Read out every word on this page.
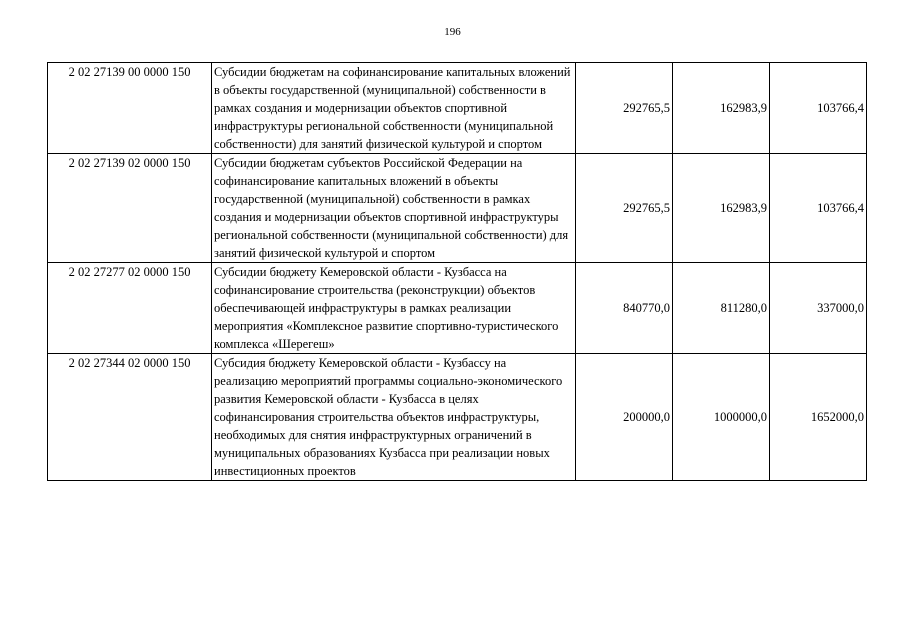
196
2 02 27139 00 0000 150	Субсидии бюджетам на софинансирование капитальных вложений в объекты государственной (муниципальной) собственности в рамках создания и модернизации объектов спортивной инфраструктуры региональной собственности (муниципальной собственности) для занятий физической культурой и спортом	292765,5	162983,9	103766,4
2 02 27139 02 0000 150	Субсидии бюджетам субъектов Российской Федерации на софинансирование капитальных вложений в объекты государственной (муниципальной) собственности в рамках создания и модернизации объектов спортивной инфраструктуры региональной собственности (муниципальной собственности) для занятий физической культурой и спортом	292765,5	162983,9	103766,4
2 02 27277 02 0000 150	Субсидии бюджету Кемеровской области - Кузбасса на софинансирование строительства (реконструкции) объектов обеспечивающей инфраструктуры в рамках реализации мероприятия «Комплексное развитие спортивно-туристического комплекса «Шерегеш»	840770,0	811280,0	337000,0
2 02 27344 02 0000 150	Субсидия бюджету Кемеровской области - Кузбассу на реализацию мероприятий программы социально-экономического развития Кемеровской области - Кузбасса в целях софинансирования строительства объектов инфраструктуры, необходимых для снятия инфраструктурных ограничений в муниципальных образованиях Кузбасса при реализации новых инвестиционных проектов	200000,0	1000000,0	1652000,0
